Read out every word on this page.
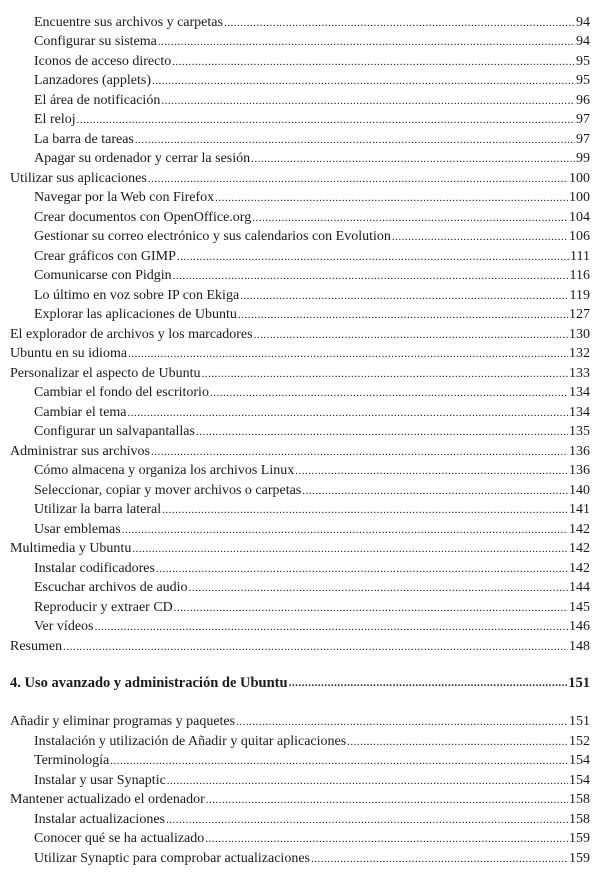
Encuentre sus archivos y carpetas .....	94
Configurar su sistema .....	94
Iconos de acceso directo .....	95
Lanzadores (applets) .....	95
El área de notificación .....	96
El reloj .....	97
La barra de tareas .....	97
Apagar su ordenador y cerrar la sesión .....	99
Utilizar sus aplicaciones .....	100
Navegar por la Web con Firefox .....	100
Crear documentos con OpenOffice.org .....	104
Gestionar su correo electrónico y sus calendarios con Evolution .....	106
Crear gráficos con GIMP .....	111
Comunicarse con Pidgin .....	116
Lo último en voz sobre IP con Ekiga .....	119
Explorar las aplicaciones de Ubuntu .....	127
El explorador de archivos y los marcadores .....	130
Ubuntu en su idioma .....	132
Personalizar el aspecto de Ubuntu .....	133
Cambiar el fondo del escritorio .....	134
Cambiar el tema .....	134
Configurar un salvapantallas .....	135
Administrar sus archivos .....	136
Cómo almacena y organiza los archivos Linux .....	136
Seleccionar, copiar y mover archivos o carpetas .....	140
Utilizar la barra lateral .....	141
Usar emblemas .....	142
Multimedia y Ubuntu .....	142
Instalar codificadores .....	142
Escuchar archivos de audio .....	144
Reproducir y extraer CD .....	145
Ver vídeos .....	146
Resumen .....	148
4. Uso avanzado y administración de Ubuntu .....	151
Añadir y eliminar programas y paquetes .....	151
Instalación y utilización de Añadir y quitar aplicaciones .....	152
Terminología .....	154
Instalar y usar Synaptic .....	154
Mantener actualizado el ordenador .....	158
Instalar actualizaciones .....	158
Conocer qué se ha actualizado .....	159
Utilizar Synaptic para comprobar actualizaciones .....	159
